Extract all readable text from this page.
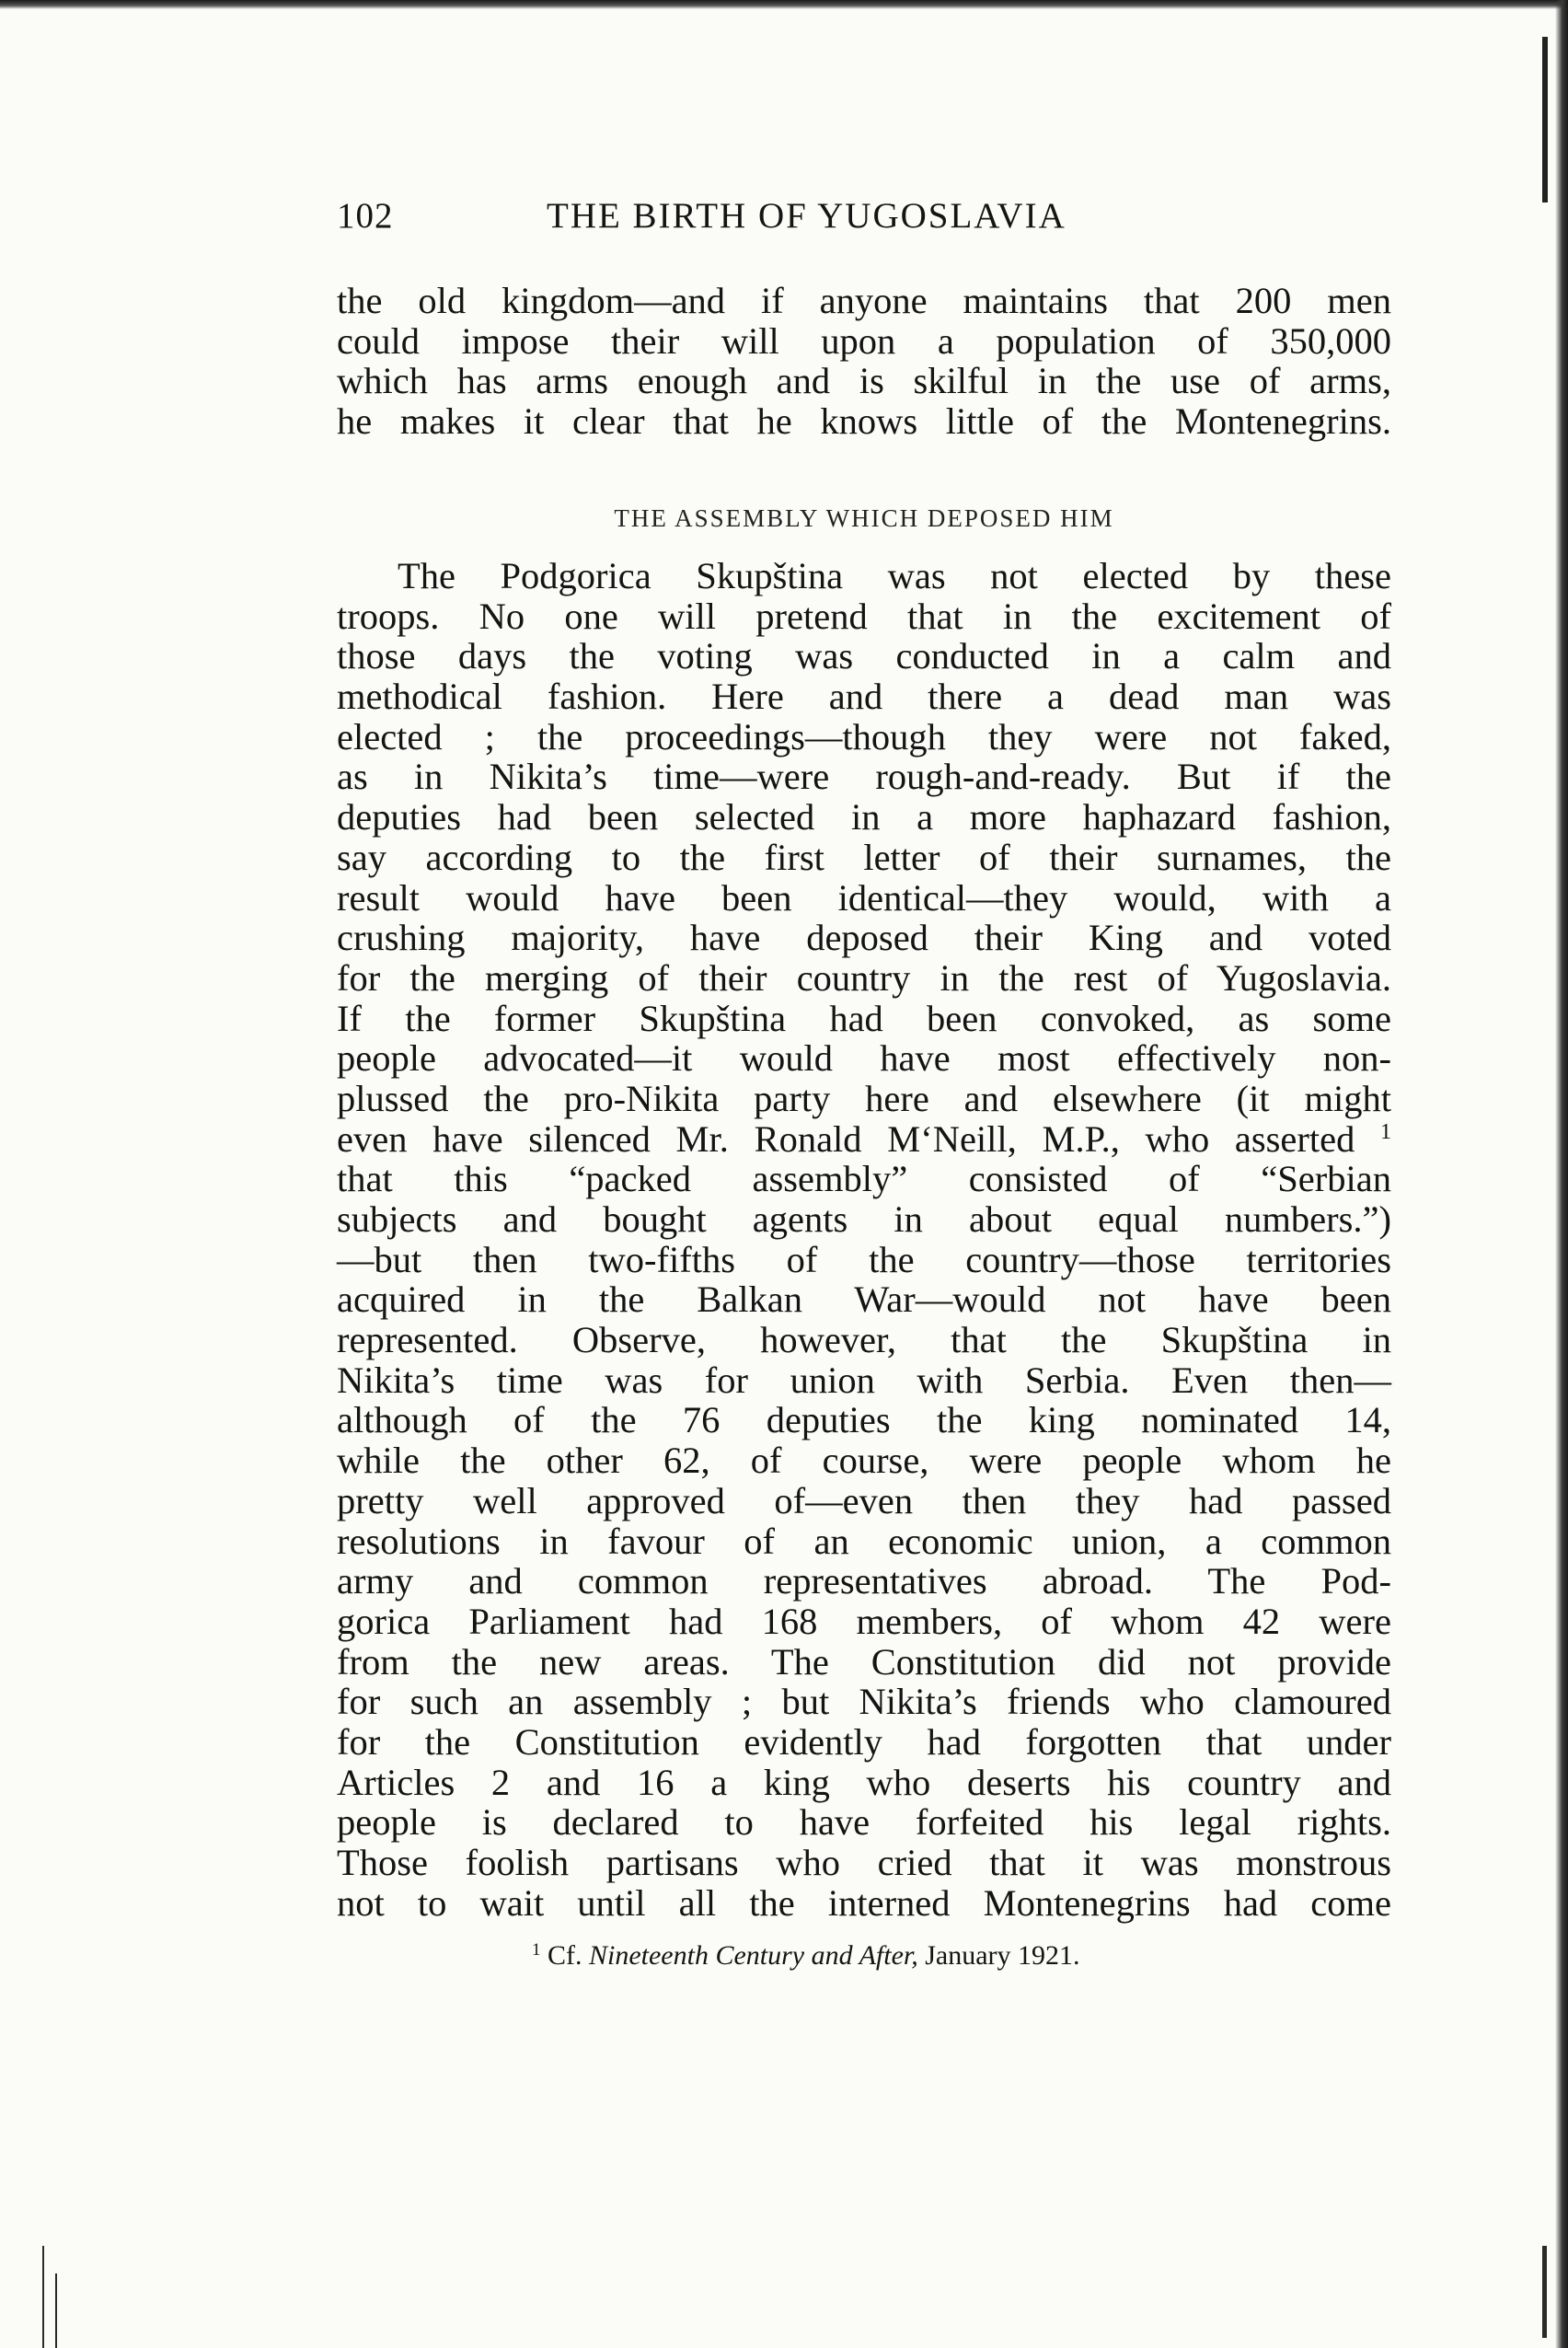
102	THE BIRTH OF YUGOSLAVIA
the old kingdom—and if anyone maintains that 200 men
could impose their will upon a population of 350,000
which has arms enough and is skilful in the use of arms,
he makes it clear that he knows little of the Montenegrins.
THE ASSEMBLY WHICH DEPOSED HIM
The Podgorica Skupština was not elected by these
troops. No one will pretend that in the excitement of
those days the voting was conducted in a calm and
methodical fashion. Here and there a dead man was
elected ; the proceedings—though they were not faked,
as in Nikita’s time—were rough-and-ready. But if the
deputies had been selected in a more haphazard fashion,
say according to the first letter of their surnames, the
result would have been identical—they would, with a
crushing majority, have deposed their King and voted
for the merging of their country in the rest of Yugoslavia.
If the former Skupština had been convoked, as some
people advocated—it would have most effectively non-
plussed the pro-Nikita party here and elsewhere (it might
even have silenced Mr. Ronald M‘Neill, M.P., who asserted $^1$
that this “packed assembly” consisted of “Serbian
subjects and bought agents in about equal numbers.”)
—but then two-fifths of the country—those territories
acquired in the Balkan War—would not have been
represented. Observe, however, that the Skupština in
Nikita’s time was for union with Serbia. Even then—
although of the 76 deputies the king nominated 14,
while the other 62, of course, were people whom he
pretty well approved of—even then they had passed
resolutions in favour of an economic union, a common
army and common representatives abroad. The Pod-
gorica Parliament had 168 members, of whom 42 were
from the new areas. The Constitution did not provide
for such an assembly ; but Nikita’s friends who clamoured
for the Constitution evidently had forgotten that under
Articles 2 and 16 a king who deserts his country and
people is declared to have forfeited his legal rights.
Those foolish partisans who cried that it was monstrous
not to wait until all the interned Montenegrins had come
$^1$ Cf. Nineteenth Century and After, January 1921.
